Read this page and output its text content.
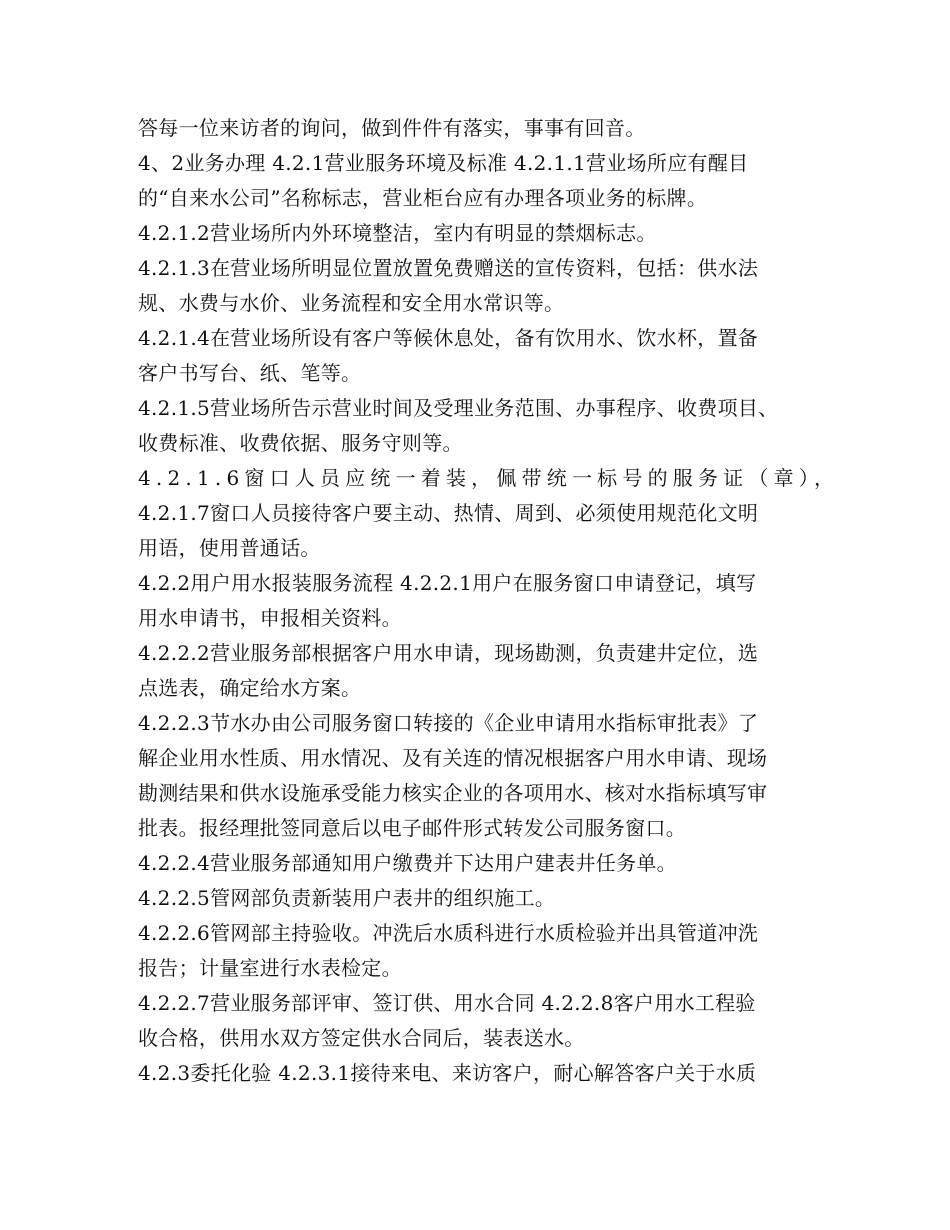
答每一位来访者的询问，做到件件有落实，事事有回音。
4、2业务办理 4.2.1营业服务环境及标准 4.2.1.1营业场所应有醒目
的“自来水公司”名称标志，营业柜台应有办理各项业务的标牌。
4.2.1.2营业场所内外环境整洁，室内有明显的禁烟标志。
4.2.1.3在营业场所明显位置放置免费赠送的宣传资料，包括：供水法
规、水费与水价、业务流程和安全用水常识等。
4.2.1.4在营业场所设有客户等候休息处，备有饮用水、饮水杯，置备
客户书写台、纸、笔等。
4.2.1.5营业场所告示营业时间及受理业务范围、办事程序、收费项目、
收费标准、收费依据、服务守则等。
4.2.1.6窗口人员应统一着装，佩带统一标号的服务证（章），
4.2.1.7窗口人员接待客户要主动、热情、周到、必须使用规范化文明
用语，使用普通话。
4.2.2用户用水报装服务流程 4.2.2.1用户在服务窗口申请登记，填写
用水申请书，申报相关资料。
4.2.2.2营业服务部根据客户用水申请，现场勘测，负责建井定位，选
点选表，确定给水方案。
4.2.2.3节水办由公司服务窗口转接的《企业申请用水指标审批表》了
解企业用水性质、用水情况、及有关连的情况根据客户用水申请、现场
勘测结果和供水设施承受能力核实企业的各项用水、核对水指标填写审
批表。报经理批签同意后以电子邮件形式转发公司服务窗口。
4.2.2.4营业服务部通知用户缴费并下达用户建表井任务单。
4.2.2.5管网部负责新装用户表井的组织施工。
4.2.2.6管网部主持验收。冲洗后水质科进行水质检验并出具管道冲洗
报告；计量室进行水表检定。
4.2.2.7营业服务部评审、签订供、用水合同 4.2.2.8客户用水工程验
收合格，供用水双方签定供水合同后，装表送水。
4.2.3委托化验 4.2.3.1接待来电、来访客户，耐心解答客户关于水质
